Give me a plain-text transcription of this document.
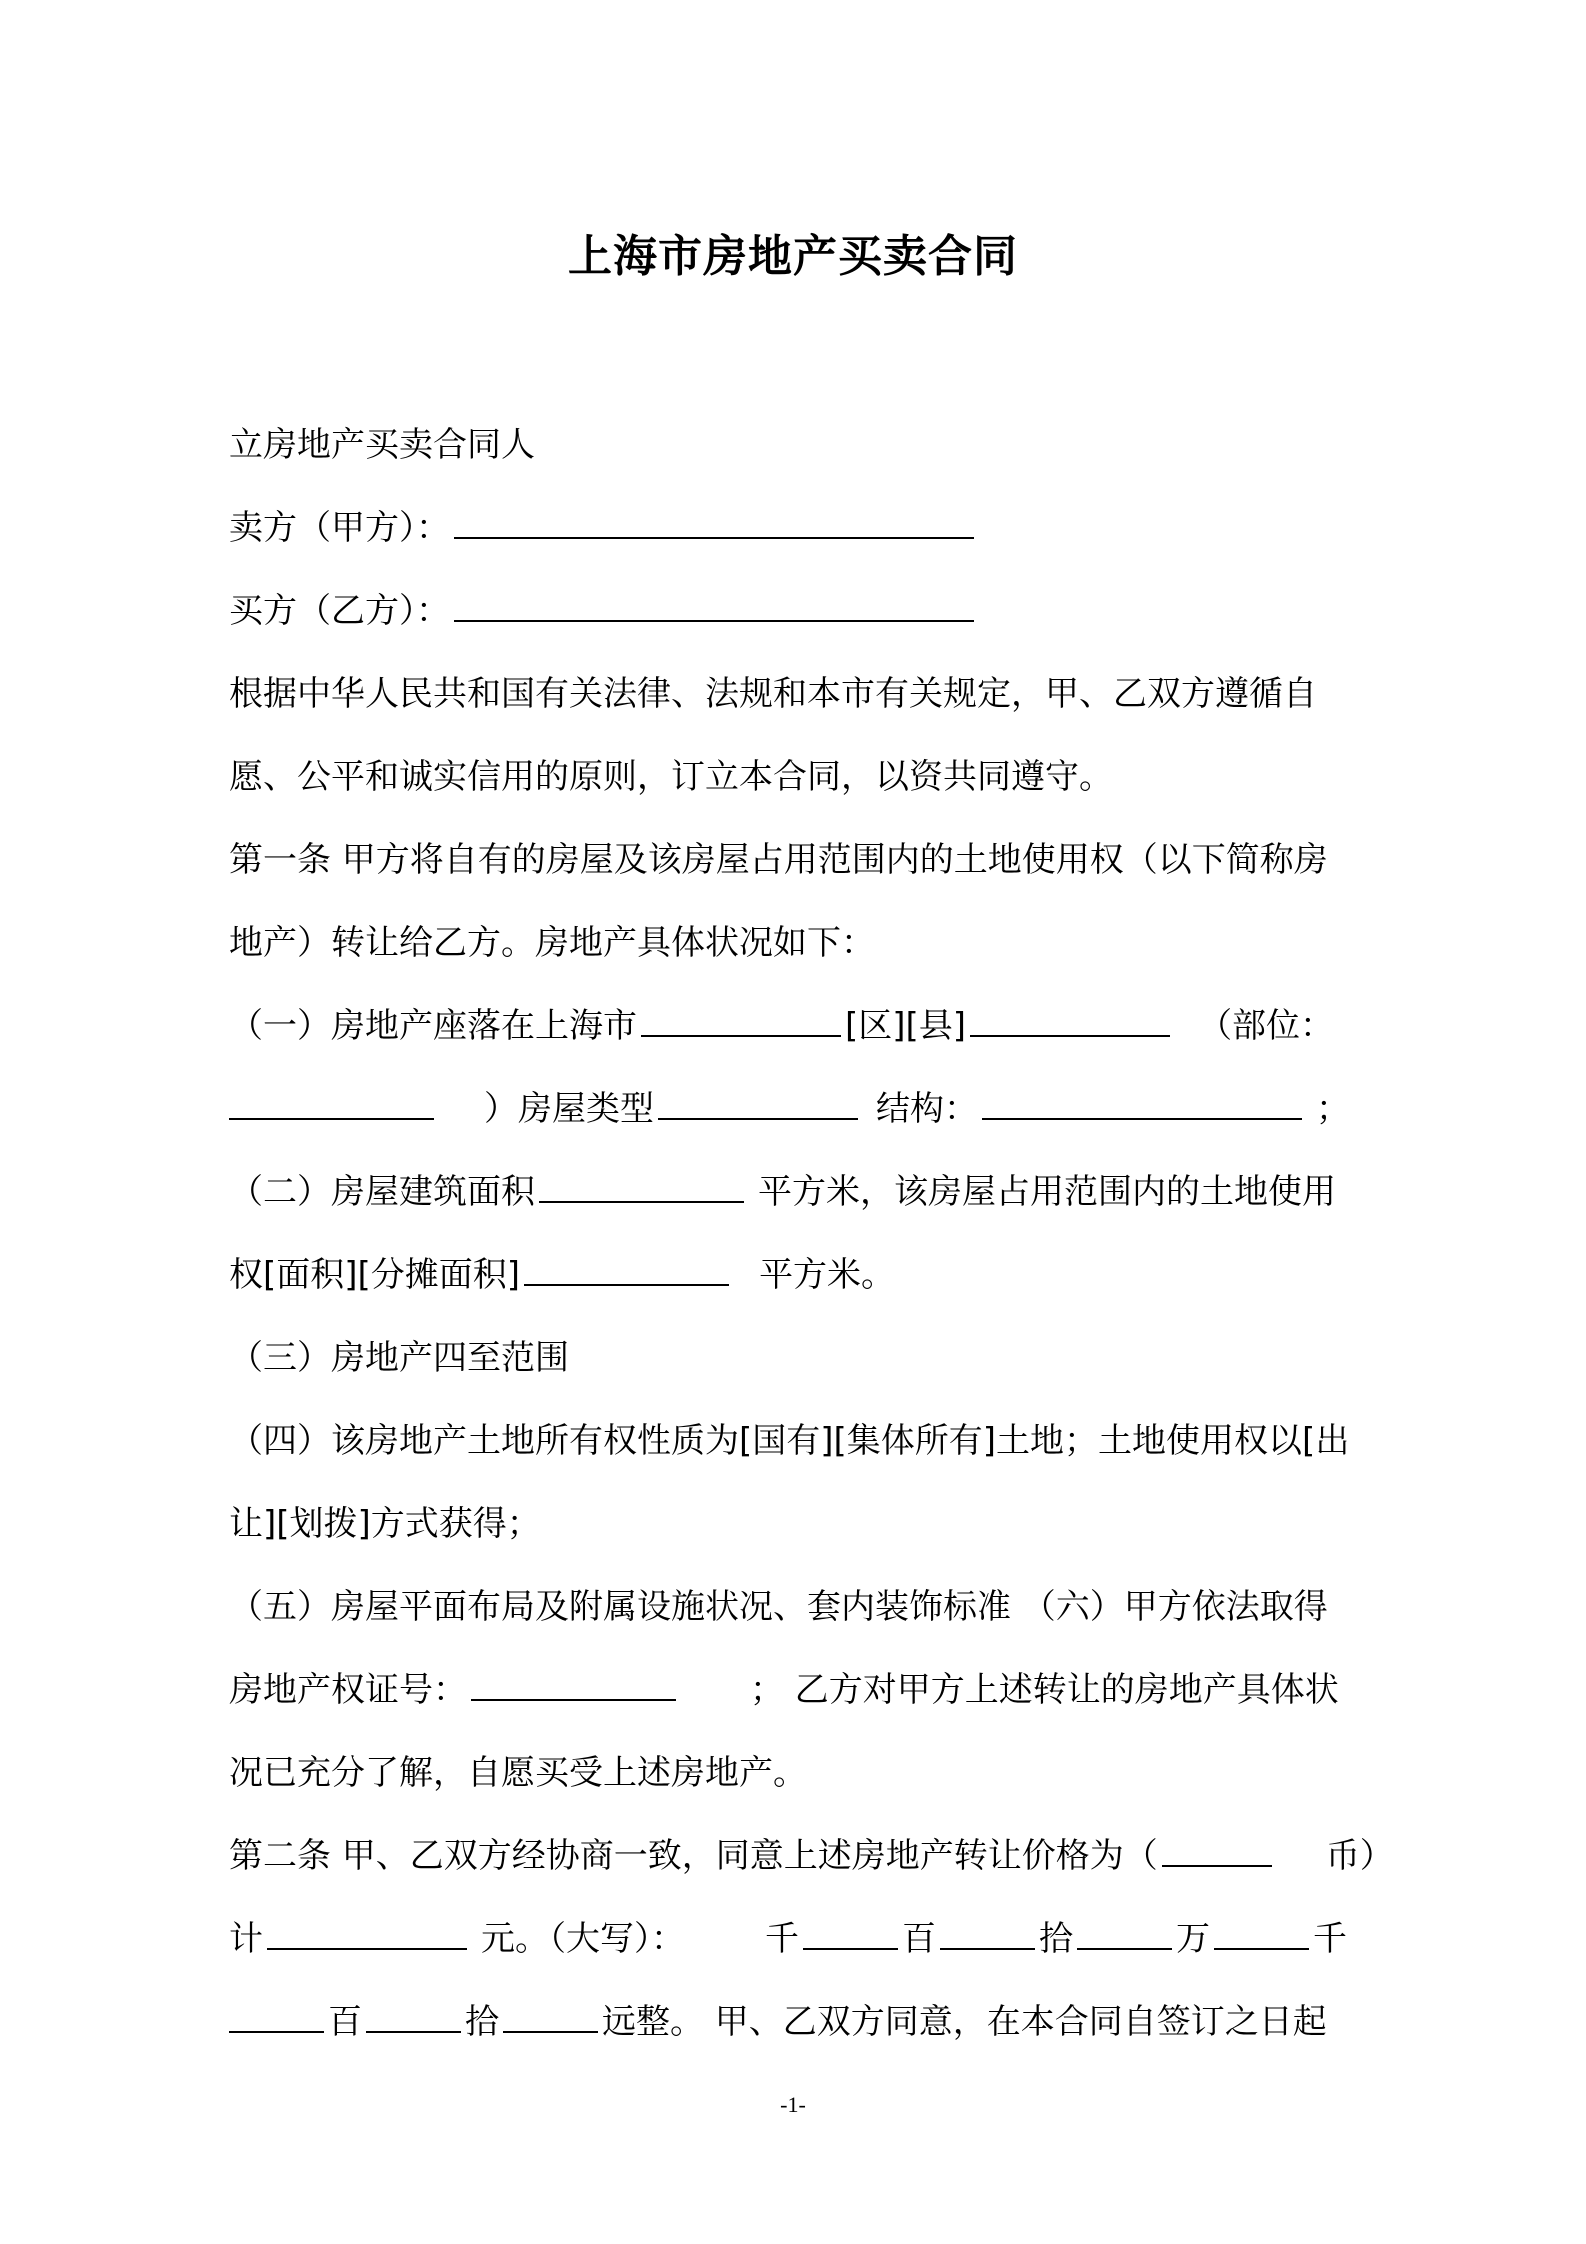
上海市房地产买卖合同
立房地产买卖合同人
卖方（甲方）：
买方（乙方）：
根据中华人民共和国有关法律、法规和本市有关规定，甲、乙双方遵循自
愿、公平和诚实信用的原则，订立本合同，以资共同遵守。
第一条 甲方将自有的房屋及该房屋占用范围内的土地使用权（以下简称房
地产）转让给乙方。房地产具体状况如下：
（一）房地产座落在上海市	[区][县]	（部位：
）房屋类型	结构：	；
（二）房屋建筑面积	平方米，该房屋占用范围内的土地使用
权[面积][分摊面积]	平方米。
（三）房地产四至范围
（四）该房地产土地所有权性质为[国有][集体所有]土地；土地使用权以[出
让][划拨]方式获得；
（五）房屋平面布局及附属设施状况、套内装饰标准 （六）甲方依法取得
房地产权证号：	； 乙方对甲方上述转让的房地产具体状
况已充分了解，自愿买受上述房地产。
第二条 甲、乙双方经协商一致，同意上述房地产转让价格为（	币）
计	元。（大写）： 千	百	拾	万	千
百	拾	远整。 甲、乙双方同意，在本合同自签订之日起
-1-
